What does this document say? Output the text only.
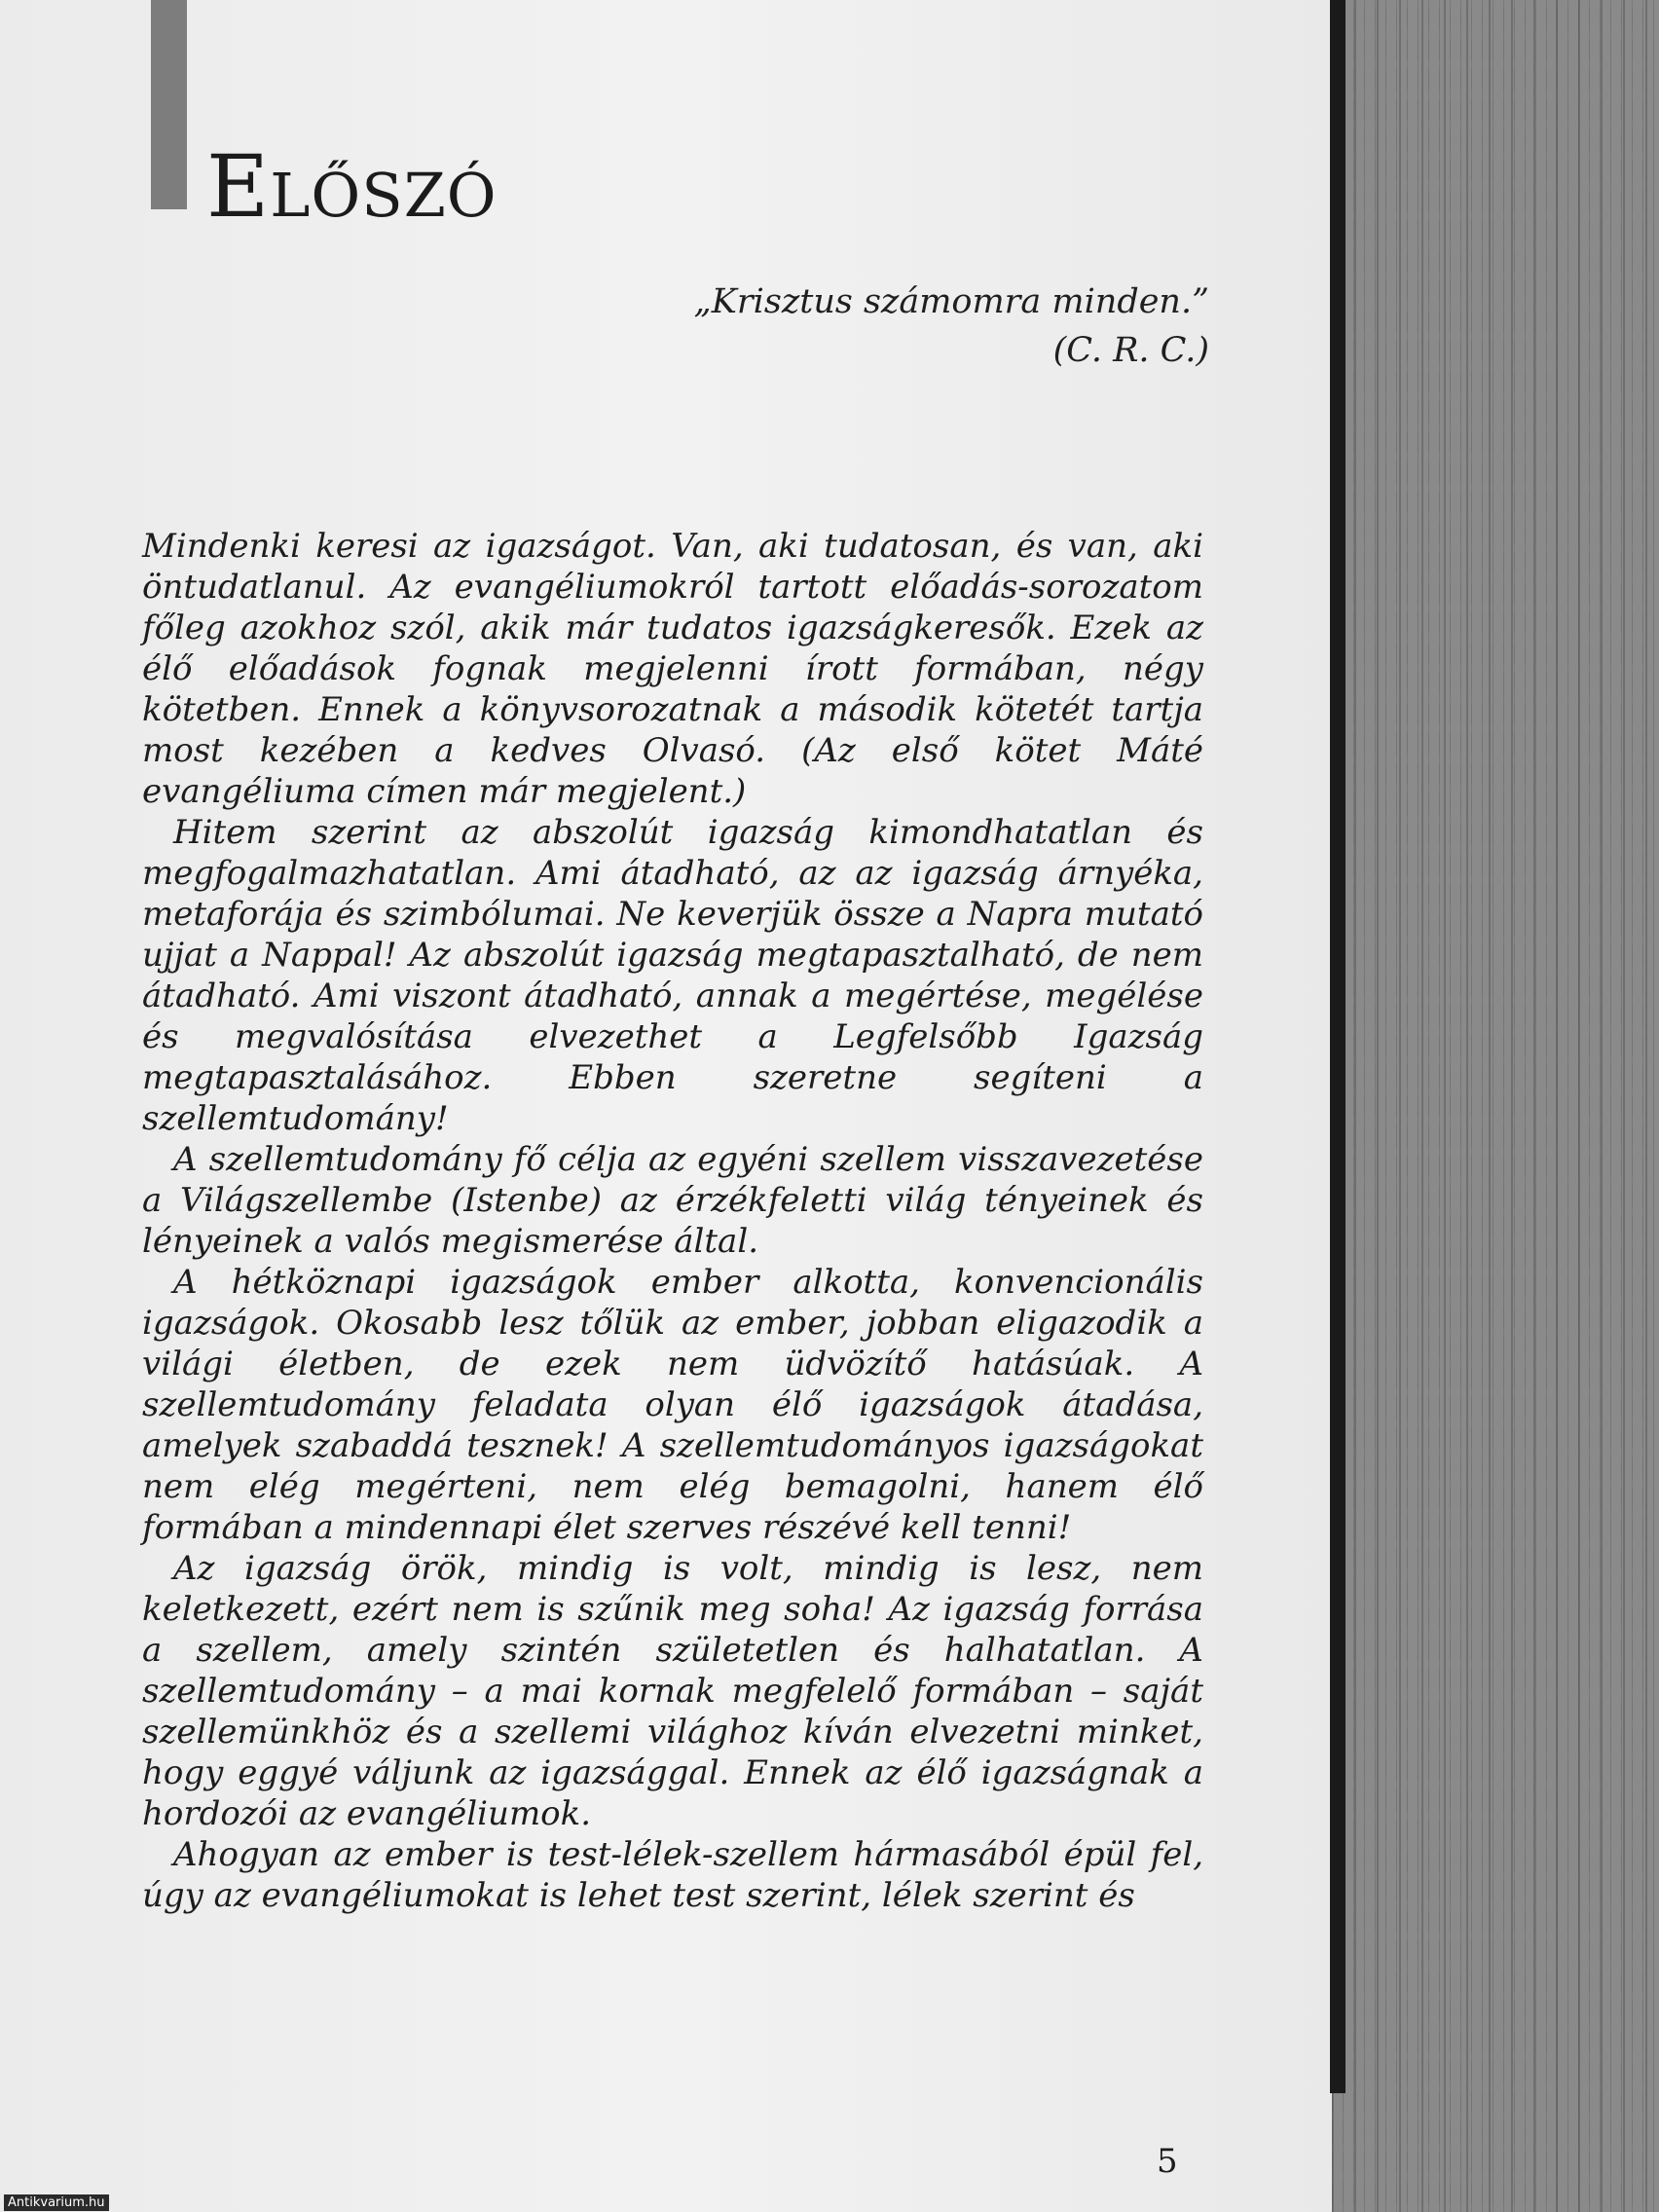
Előszó
„Krisztus számomra minden.”
(C. R. C.)

Mindenki keresi az igazságot. Van, aki tudatosan, és van, aki öntudatlanul. Az evangéliumokról tartott előadás-sorozatom főleg azokhoz szól, akik már tudatos igazságkeresők. Ezek az élő előadások fognak megjelenni írott formában, négy kötetben. Ennek a könyvsorozatnak a második kötetét tartja most kezében a kedves Olvasó. (Az első kötet Máté evangéliuma címen már megjelent.)

Hitem szerint az abszolút igazság kimondhatatlan és megfogalmazhatatlan. Ami átadható, az az igazság árnyéka, metaforája és szimbólumai. Ne keverjük össze a Napra mutató ujjat a Nappal! Az abszolút igazság megtapasztalható, de nem átadható. Ami viszont átadható, annak a megértése, megélése és megvalósítása elvezethet a Legfelsőbb Igazság megtapasztalásához. Ebben szeretne segíteni a szellemtudomány!

A szellemtudomány fő célja az egyéni szellem visszavezetése a Világszellembe (Istenbe) az érzékfeletti világ tényeinek és lényeinek a valós megismerése által.

A hétköznapi igazságok ember alkotta, konvencionális igazságok. Okosabb lesz tőlük az ember, jobban eligazodik a világi életben, de ezek nem üdvözítő hatásúak. A szellemtudomány feladata olyan élő igazságok átadása, amelyek szabaddá tesznek! A szellemtudományos igazságokat nem elég megérteni, nem elég bemagolni, hanem élő formában a mindennapi élet szerves részévé kell tenni!

Az igazság örök, mindig is volt, mindig is lesz, nem keletkezett, ezért nem is szűnik meg soha! Az igazság forrása a szellem, amely szintén születetlen és halhatatlan. A szellemtudomány – a mai kornak megfelelő formában – saját szellemünkhöz és a szellemi világhoz kíván elvezetni minket, hogy eggyé váljunk az igazsággal. Ennek az élő igazságnak a hordozói az evangéliumok.

Ahogyan az ember is test-lélek-szellem hármasából épül fel, úgy az evangéliumokat is lehet test szerint, lélek szerint és

5
Antikvarium.hu
